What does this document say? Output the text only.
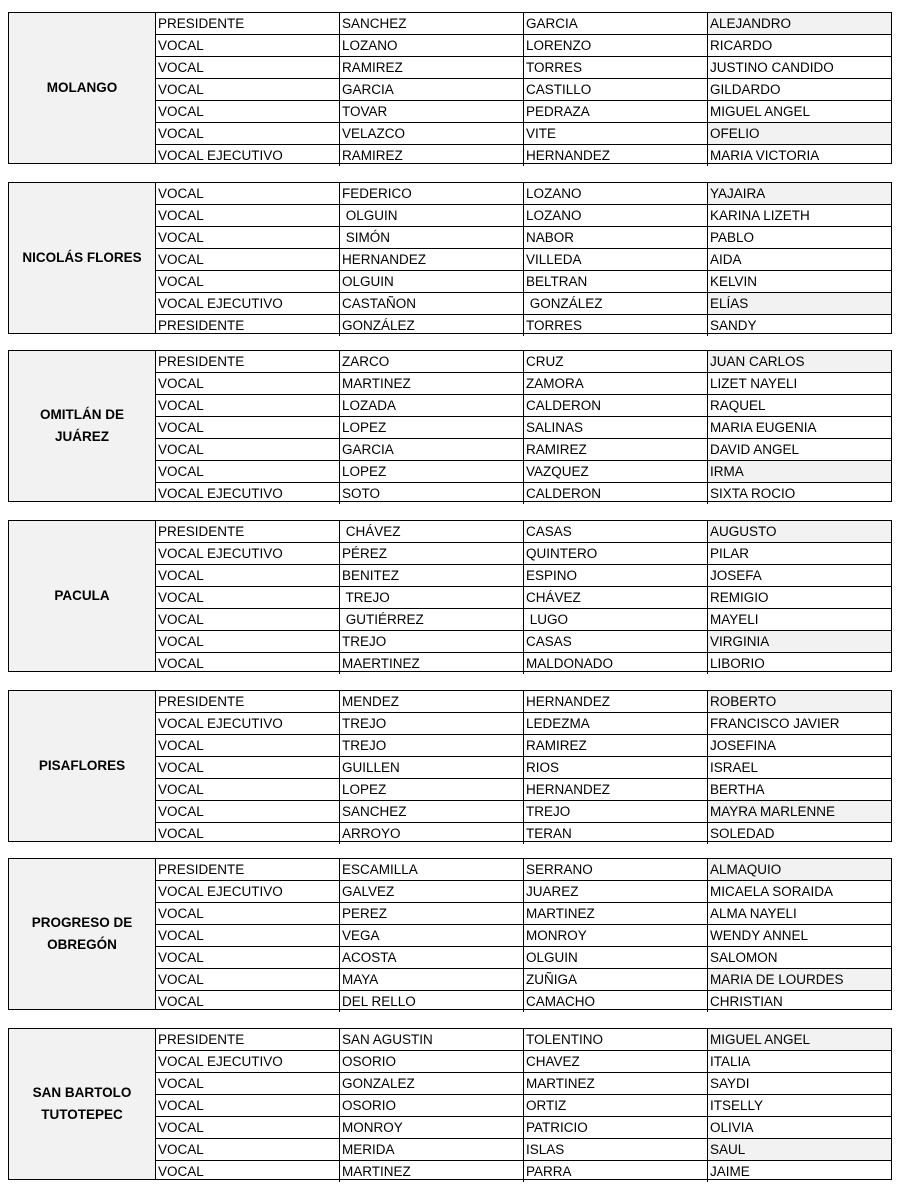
MOLANGO
PRESIDENTE	SANCHEZ	GARCIA	ALEJANDRO
VOCAL	LOZANO	LORENZO	RICARDO
VOCAL	RAMIREZ	TORRES	JUSTINO CANDIDO
VOCAL	GARCIA	CASTILLO	GILDARDO
VOCAL	TOVAR	PEDRAZA	MIGUEL ANGEL
VOCAL	VELAZCO	VITE	OFELIO
VOCAL EJECUTIVO	RAMIREZ	HERNANDEZ	MARIA VICTORIA
NICOLÁS FLORES
VOCAL	FEDERICO	LOZANO	YAJAIRA
VOCAL	OLGUIN	LOZANO	KARINA LIZETH
VOCAL	SIMÓN	NABOR	PABLO
VOCAL	HERNANDEZ	VILLEDA	AIDA
VOCAL	OLGUIN	BELTRAN	KELVIN
VOCAL EJECUTIVO	CASTAÑON	GONZÁLEZ	ELÍAS
PRESIDENTE	GONZÁLEZ	TORRES	SANDY
OMITLÁN DE JUÁREZ
PRESIDENTE	ZARCO	CRUZ	JUAN CARLOS
VOCAL	MARTINEZ	ZAMORA	LIZET NAYELI
VOCAL	LOZADA	CALDERON	RAQUEL
VOCAL	LOPEZ	SALINAS	MARIA EUGENIA
VOCAL	GARCIA	RAMIREZ	DAVID ANGEL
VOCAL	LOPEZ	VAZQUEZ	IRMA
VOCAL EJECUTIVO	SOTO	CALDERON	SIXTA ROCIO
PACULA
PRESIDENTE	CHÁVEZ	CASAS	AUGUSTO
VOCAL EJECUTIVO	PÉREZ	QUINTERO	PILAR
VOCAL	BENITEZ	ESPINO	JOSEFA
VOCAL	TREJO	CHÁVEZ	REMIGIO
VOCAL	GUTIÉRREZ	LUGO	MAYELI
VOCAL	TREJO	CASAS	VIRGINIA
VOCAL	MAERTINEZ	MALDONADO	LIBORIO
PISAFLORES
PRESIDENTE	MENDEZ	HERNANDEZ	ROBERTO
VOCAL EJECUTIVO	TREJO	LEDEZMA	FRANCISCO JAVIER
VOCAL	TREJO	RAMIREZ	JOSEFINA
VOCAL	GUILLEN	RIOS	ISRAEL
VOCAL	LOPEZ	HERNANDEZ	BERTHA
VOCAL	SANCHEZ	TREJO	MAYRA MARLENNE
VOCAL	ARROYO	TERAN	SOLEDAD
PROGRESO DE OBREGÓN
PRESIDENTE	ESCAMILLA	SERRANO	ALMAQUIO
VOCAL EJECUTIVO	GALVEZ	JUAREZ	MICAELA SORAIDA
VOCAL	PEREZ	MARTINEZ	ALMA NAYELI
VOCAL	VEGA	MONROY	WENDY ANNEL
VOCAL	ACOSTA	OLGUIN	SALOMON
VOCAL	MAYA	ZUÑIGA	MARIA DE LOURDES
VOCAL	DEL RELLO	CAMACHO	CHRISTIAN
SAN BARTOLO TUTOTEPEC
PRESIDENTE	SAN AGUSTIN	TOLENTINO	MIGUEL ANGEL
VOCAL EJECUTIVO	OSORIO	CHAVEZ	ITALIA
VOCAL	GONZALEZ	MARTINEZ	SAYDI
VOCAL	OSORIO	ORTIZ	ITSELLY
VOCAL	MONROY	PATRICIO	OLIVIA
VOCAL	MERIDA	ISLAS	SAUL
VOCAL	MARTINEZ	PARRA	JAIME
